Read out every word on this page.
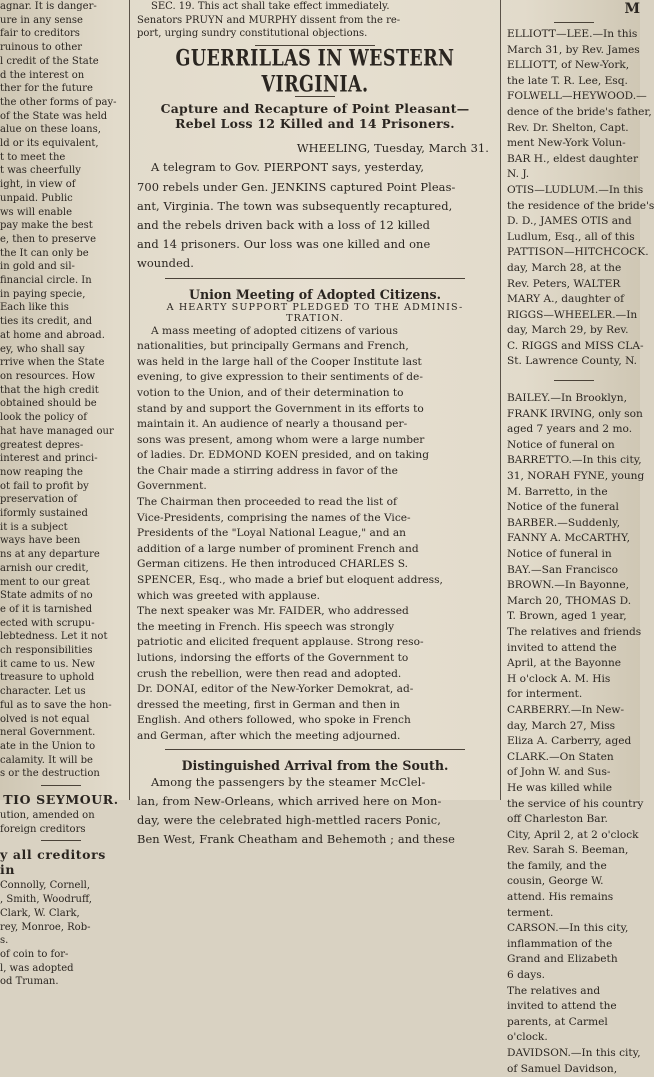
agnar. It is danger-
ure in any sense
fair to creditors
ruinous to other
l credit of the State
d the interest on
ther for the future
the other forms of pay-
of the State was held
alue on these loans,
ld or its equivalent,
t to meet the
t was cheerfully
ight, in view of
unpaid. Public
ws will enable
pay make the best
e, then to preserve
the It can only be
in gold and sil-
financial circle. In
in paying specie,
Each like this
ties its credit, and
at home and abroad.
ey, who shall say
rrive when the State
on resources. How
that the high credit
obtained should be
look the policy of
hat have managed our
greatest depres-
interest and princi-
now reaping the
ot fail to profit by
preservation of
iformly sustained
it is a subject
ways have been
ns at any departure
arnish our credit,
ment to our great
State admits of no
e of it is tarnished
ected with scrupu-
lebtedness. Let it not
ch responsibilities
it came to us. New
treasure to uphold
character. Let us
ful as to save the hon-
olved is not equal
neral Government.
ate in the Union to
calamity. It will be
s or the destruction
TIO SEYMOUR.
ution, amended on
foreign creditors
y all creditors in
Connolly, Cornell,
, Smith, Woodruff,
Clark, W. Clark,
rey, Monroe, Rob-
s.
of coin to for-
l, was adopted
od Truman.
SEC. 19. This act shall take effect immediately.
Senators PRUYN and MURPHY dissent from the re-
port, urging sundry constitutional objections.
GUERRILLAS IN WESTERN VIRGINIA.
Capture and Recapture of Point Pleasant—
Rebel Loss 12 Killed and 14 Prisoners.
WHEELING, Tuesday, March 31.
A telegram to Gov. PIERPONT says, yesterday,
700 rebels under Gen. JENKINS captured Point Pleas-
ant, Virginia. The town was subsequently recaptured,
and the rebels driven back with a loss of 12 killed
and 14 prisoners. Our loss was one killed and one
wounded.
Union Meeting of Adopted Citizens.
A HEARTY SUPPORT PLEDGED TO THE ADMINIS-
TRATION.
A mass meeting of adopted citizens of various
nationalities, but principally Germans and French,
was held in the large hall of the Cooper Institute last
evening, to give expression to their sentiments of de-
votion to the Union, and of their determination to
stand by and support the Government in its efforts to
maintain it. An audience of nearly a thousand per-
sons was present, among whom were a large number
of ladies. Dr. EDMOND KOEN presided, and on taking
the Chair made a stirring address in favor of the
Government.
The Chairman then proceeded to read the list of
Vice-Presidents, comprising the names of the Vice-
Presidents of the "Loyal National League," and an
addition of a large number of prominent French and
German citizens. He then introduced CHARLES S.
SPENCER, Esq., who made a brief but eloquent address,
which was greeted with applause.
The next speaker was Mr. FAIDER, who addressed
the meeting in French. His speech was strongly
patriotic and elicited frequent applause. Strong reso-
lutions, indorsing the efforts of the Government to
crush the rebellion, were then read and adopted.
Dr. DONAI, editor of the New-Yorker Demokrat, ad-
dressed the meeting, first in German and then in
English. And others followed, who spoke in French
and German, after which the meeting adjourned.
Distinguished Arrival from the South.
Among the passengers by the steamer McClel-
lan, from New-Orleans, which arrived here on Mon-
day, were the celebrated high-mettled racers Ponic,
Ben West, Frank Cheatham and Behemoth ; and these
M
ELLIOTT—LEE.—In this
March 31, by Rev. James
ELLIOTT, of New-York,
the late T. R. Lee, Esq.
FOLWELL—HEYWOOD.—
dence of the bride's father,
Rev. Dr. Shelton, Capt.
ment New-York Volun-
BAR H., eldest daughter
N. J.
OTIS—LUDLUM.—In this
the residence of the bride's
D. D., JAMES OTIS and
Ludlum, Esq., all of this
PATTISON—HITCHCOCK.
day, March 28, at the
Rev. Peters, WALTER
MARY A., daughter of
RIGGS—WHEELER.—In
day, March 29, by Rev.
C. RIGGS and MISS CLA-
St. Lawrence County, N.
BAILEY.—In Brooklyn,
FRANK IRVING, only son
aged 7 years and 2 mo.
Notice of funeral on
BARRETTO.—In this city,
31, NORAH FYNE, young
M. Barretto, in the
Notice of the funeral
BARBER.—Suddenly,
FANNY A. McCARTHY,
Notice of funeral in
BAY.—San Francisco
BROWN.—In Bayonne,
March 20, THOMAS D.
T. Brown, aged 1 year,
The relatives and friends
invited to attend the
April, at the Bayonne
H o'clock A. M. His
for interment.
CARBERRY.—In New-
day, March 27, Miss
Eliza A. Carberry, aged
CLARK.—On Staten
of John W. and Sus-
He was killed while
the service of his country
off Charleston Bar.
City, April 2, at 2 o'clock
Rev. Sarah S. Beeman,
the family, and the
cousin, George W.
attend. His remains
terment.
CARSON.—In this city,
inflammation of the
Grand and Elizabeth
6 days.
The relatives and
invited to attend the
parents, at Carmel
o'clock.
DAVIDSON.—In this city,
of Samuel Davidson,
